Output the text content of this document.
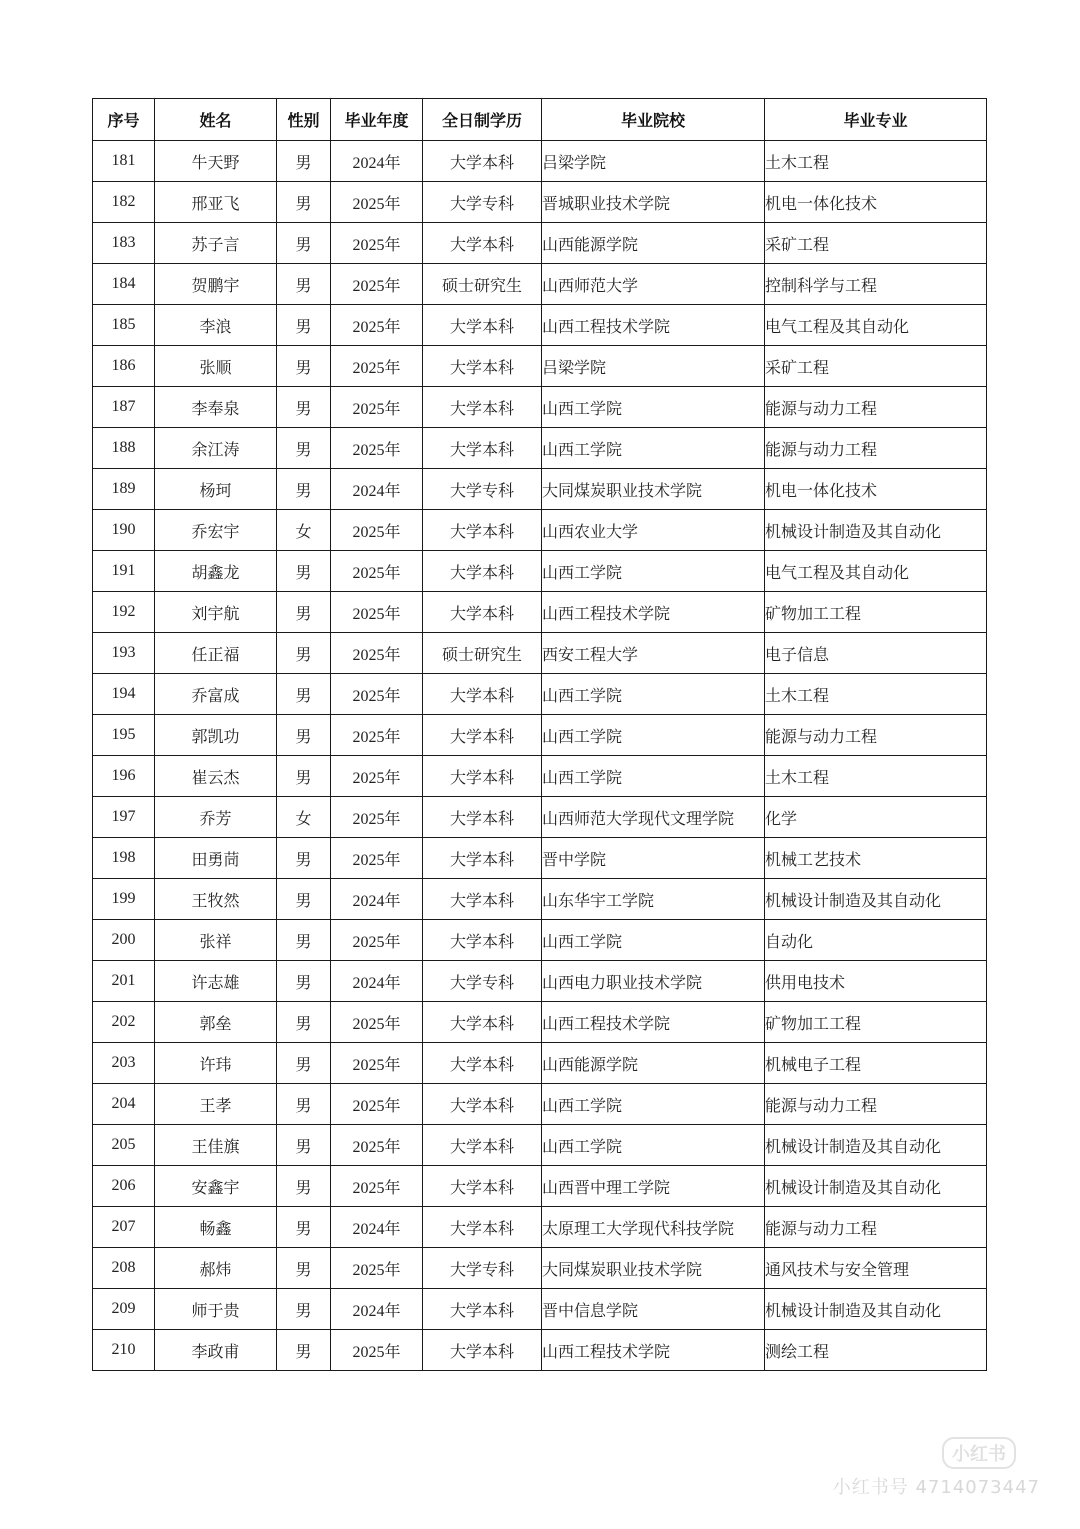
序号	姓名	性别	毕业年度	全日制学历	毕业院校	毕业专业
181	牛天野	男	2024年	大学本科	吕梁学院	土木工程
182	邢亚飞	男	2025年	大学专科	晋城职业技术学院	机电一体化技术
183	苏子言	男	2025年	大学本科	山西能源学院	采矿工程
184	贺鹏宇	男	2025年	硕士研究生	山西师范大学	控制科学与工程
185	李浪	男	2025年	大学本科	山西工程技术学院	电气工程及其自动化
186	张顺	男	2025年	大学本科	吕梁学院	采矿工程
187	李奉泉	男	2025年	大学本科	山西工学院	能源与动力工程
188	余江涛	男	2025年	大学本科	山西工学院	能源与动力工程
189	杨珂	男	2024年	大学专科	大同煤炭职业技术学院	机电一体化技术
190	乔宏宇	女	2025年	大学本科	山西农业大学	机械设计制造及其自动化
191	胡鑫龙	男	2025年	大学本科	山西工学院	电气工程及其自动化
192	刘宇航	男	2025年	大学本科	山西工程技术学院	矿物加工工程
193	任正福	男	2025年	硕士研究生	西安工程大学	电子信息
194	乔富成	男	2025年	大学本科	山西工学院	土木工程
195	郭凯功	男	2025年	大学本科	山西工学院	能源与动力工程
196	崔云杰	男	2025年	大学本科	山西工学院	土木工程
197	乔芳	女	2025年	大学本科	山西师范大学现代文理学院	化学
198	田勇茼	男	2025年	大学本科	晋中学院	机械工艺技术
199	王牧然	男	2024年	大学本科	山东华宇工学院	机械设计制造及其自动化
200	张祥	男	2025年	大学本科	山西工学院	自动化
201	许志雄	男	2024年	大学专科	山西电力职业技术学院	供用电技术
202	郭垒	男	2025年	大学本科	山西工程技术学院	矿物加工工程
203	许玮	男	2025年	大学本科	山西能源学院	机械电子工程
204	王孝	男	2025年	大学本科	山西工学院	能源与动力工程
205	王佳旗	男	2025年	大学本科	山西工学院	机械设计制造及其自动化
206	安鑫宇	男	2025年	大学本科	山西晋中理工学院	机械设计制造及其自动化
207	畅鑫	男	2024年	大学本科	太原理工大学现代科技学院	能源与动力工程
208	郝炜	男	2025年	大学专科	大同煤炭职业技术学院	通风技术与安全管理
209	师于贵	男	2024年	大学本科	晋中信息学院	机械设计制造及其自动化
210	李政甫	男	2025年	大学本科	山西工程技术学院	测绘工程
小红书
小红书号 4714073447
